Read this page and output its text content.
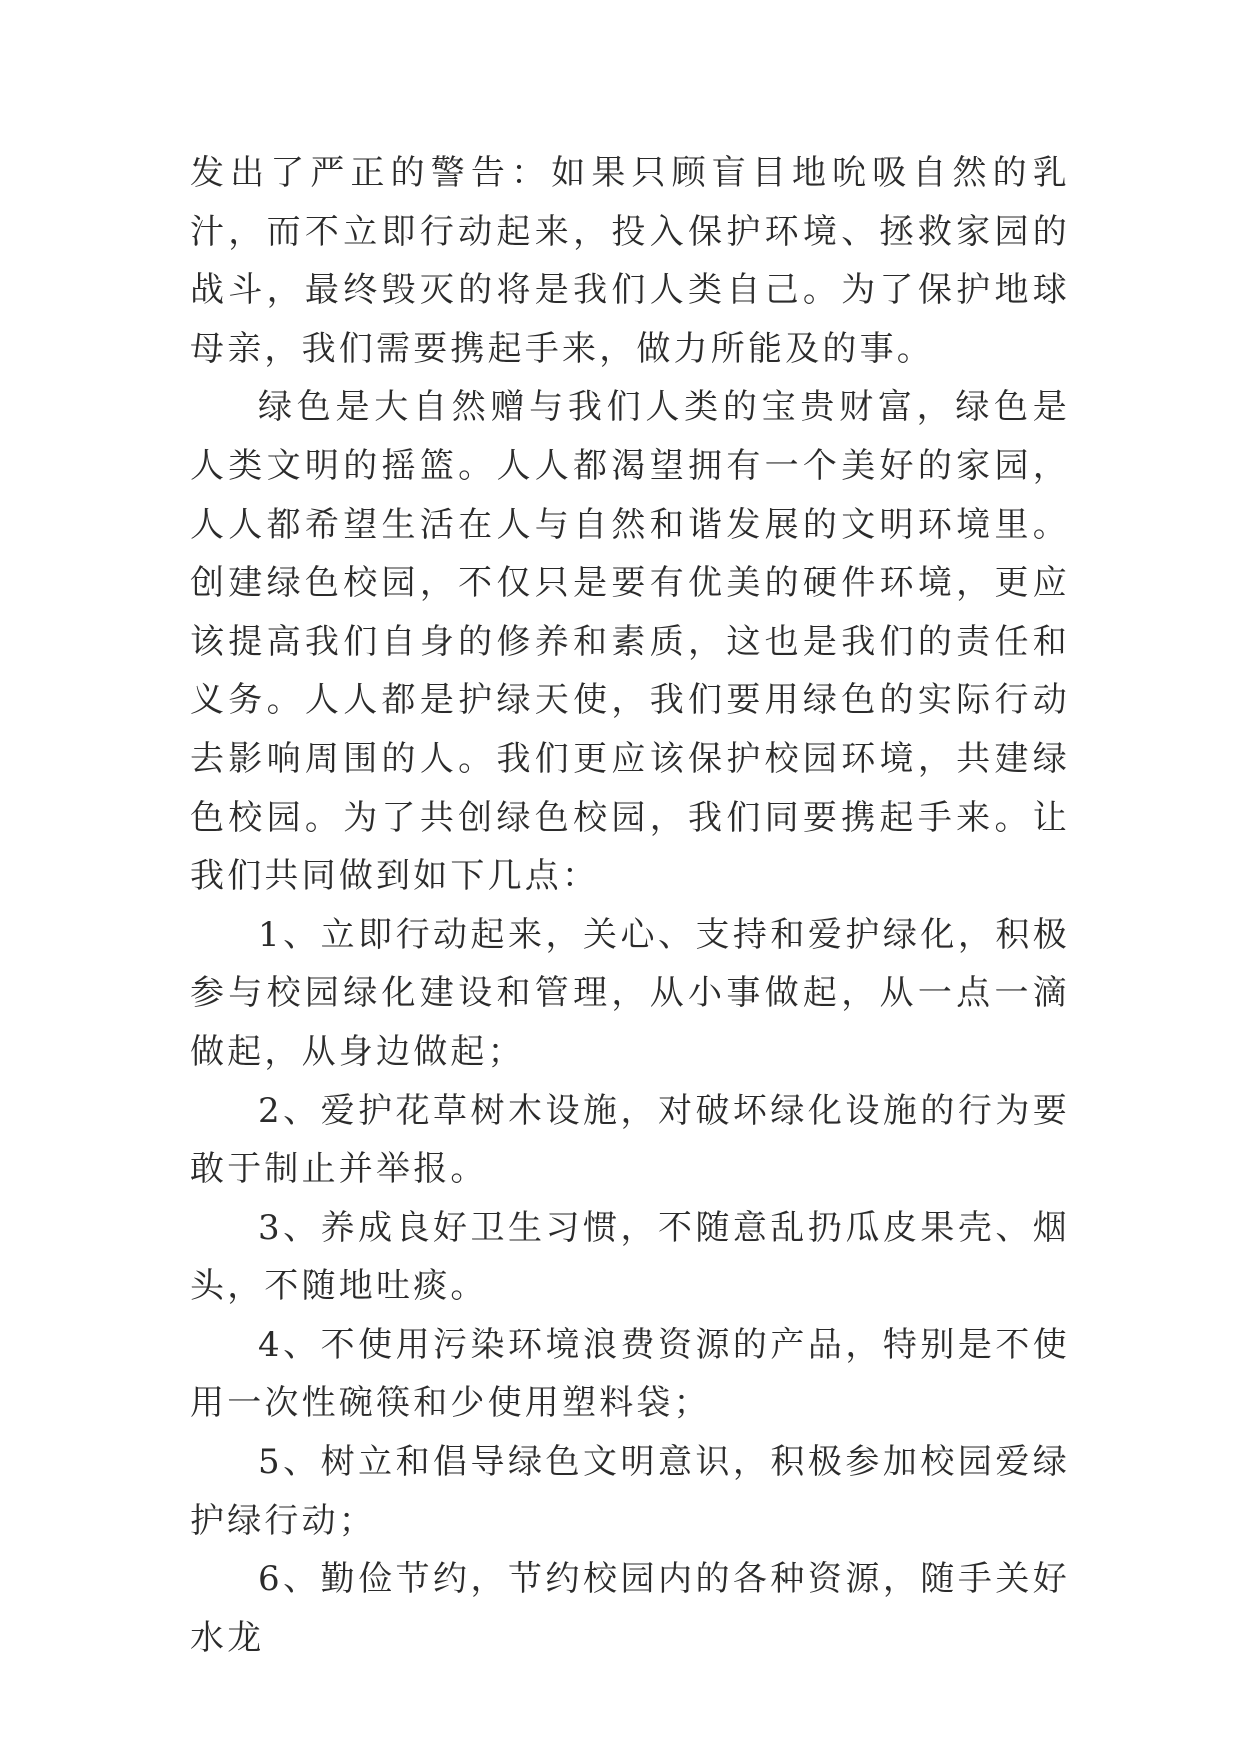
发出了严正的警告：如果只顾盲目地吮吸自然的乳汁，而不立即行动起来，投入保护环境、拯救家园的战斗，最终毁灭的将是我们人类自己。为了保护地球母亲，我们需要携起手来，做力所能及的事。

绿色是大自然赠与我们人类的宝贵财富，绿色是人类文明的摇篮。人人都渴望拥有一个美好的家园，人人都希望生活在人与自然和谐发展的文明环境里。创建绿色校园，不仅只是要有优美的硬件环境，更应该提高我们自身的修养和素质，这也是我们的责任和义务。人人都是护绿天使，我们要用绿色的实际行动去影响周围的人。我们更应该保护校园环境，共建绿色校园。为了共创绿色校园，我们同要携起手来。让我们共同做到如下几点：

1、立即行动起来，关心、支持和爱护绿化，积极参与校园绿化建设和管理，从小事做起，从一点一滴做起，从身边做起；

2、爱护花草树木设施，对破坏绿化设施的行为要敢于制止并举报。

3、养成良好卫生习惯，不随意乱扔瓜皮果壳、烟头，不随地吐痰。

4、不使用污染环境浪费资源的产品，特别是不使用一次性碗筷和少使用塑料袋；

5、树立和倡导绿色文明意识，积极参加校园爱绿护绿行动；

6、勤俭节约，节约校园内的各种资源，随手关好水龙
